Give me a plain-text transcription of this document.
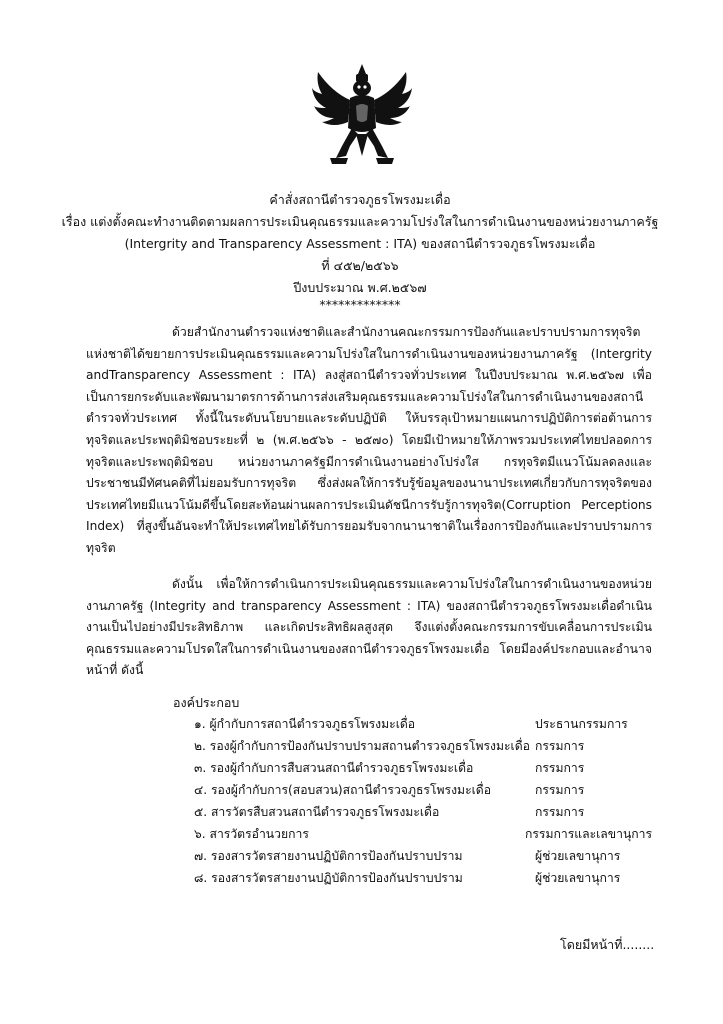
คำสั่งสถานีตำรวจภูธรโพรงมะเดื่อ
เรื่อง แต่งตั้งคณะทำงานติดตามผลการประเมินคุณธรรมและความโปร่งใสในการดำเนินงานของหน่วยงานภาครัฐ
(Intergrity and Transparency Assessment : ITA) ของสถานีตำรวจภูธรโพรงมะเดื่อ
ที่ ๔๕๒/๒๕๖๖
ปีงบประมาณ พ.ศ.๒๕๖๗
*************

ด้วยสำนักงานตำรวจแห่งชาติและสำนักงานคณะกรรมการป้องกันและปราบปรามการทุจริตแห่งชาติได้ขยายการประเมินคุณธรรมและความโปร่งใสในการดำเนินงานของหน่วยงานภาครัฐ (Intergrity andTransparency Assessment : ITA) ลงสู่สถานีตำรวจทั่วประเทศ ในปีงบประมาณ พ.ศ.๒๕๖๗ เพื่อเป็นการยกระดับและพัฒนามาตรการด้านการส่งเสริมคุณธรรมและความโปร่งใสในการดำเนินงานของสถานีตำรวจทั่วประเทศ ทั้งนี้ในระดับนโยบายและระดับปฏิบัติ ให้บรรลุเป้าหมายแผนการปฏิบัติการต่อต้านการทุจริตและประพฤติมิชอบระยะที่ ๒ (พ.ศ.๒๕๖๖ - ๒๕๗๐) โดยมีเป้าหมายให้ภาพรวมประเทศไทยปลอดการทุจริตและประพฤติมิชอบ หน่วยงานภาครัฐมีการดำเนินงานอย่างโปร่งใส กรทุจริตมีแนวโน้มลดลงและประชาชนมีทัศนคติที่ไม่ยอมรับการทุจริต ซึ่งส่งผลให้การรับรู้ข้อมูลของนานาประเทศเกี่ยวกับการทุจริตของประเทศไทยมีแนวโน้มดีขึ้นโดยสะท้อนผ่านผลการประเมินดัชนีการรับรู้การทุจริต(Corruption Perceptions Index) ที่สูงขึ้นอันจะทำให้ประเทศไทยได้รับการยอมรับจากนานาชาติในเรื่องการป้องกันและปราบปรามการทุจริต

ดังนั้น เพื่อให้การดำเนินการประเมินคุณธรรมและความโปร่งใสในการดำเนินงานของหน่วยงานภาครัฐ (Integrity and transparency Assessment : ITA) ของสถานีตำรวจภูธรโพรงมะเดื่อดำเนินงานเป็นไปอย่างมีประสิทธิภาพ และเกิดประสิทธิผลสูงสุด จึงแต่งตั้งคณะกรรมการขับเคลื่อนการประเมินคุณธรรมและความโปรดใสในการดำเนินงานของสถานีตำรวจภูธรโพรงมะเดื่อ โดยมีองค์ประกอบและอำนาจหน้าที่ ดังนี้

องค์ประกอบ
๑. ผู้กำกับการสถานีตำรวจภูธรโพรงมะเดื่อ	ประธานกรรมการ
๒. รองผู้กำกับการป้องกันปราบปรามสถานตำรวจภูธรโพรงมะเดื่อ กรรมการ
๓. รองผู้กำกับการสืบสวนสถานีตำรวจภูธรโพรงมะเดื่อ	กรรมการ
๔. รองผู้กำกับการ(สอบสวน)สถานีตำรวจภูธรโพรงมะเดื่อ	กรรมการ
๕. สารวัตรสืบสวนสถานีตำรวจภูธรโพรงมะเดื่อ	กรรมการ
๖. สารวัตรอำนวยการ	กรรมการและเลขานุการ
๗. รองสารวัตรสายงานปฏิบัติการป้องกันปราบปราม	ผู้ช่วยเลขานุการ
๘. รองสารวัตรสายงานปฏิบัติการป้องกันปราบปราม	ผู้ช่วยเลขานุการ
โดยมีหน้าที่........
